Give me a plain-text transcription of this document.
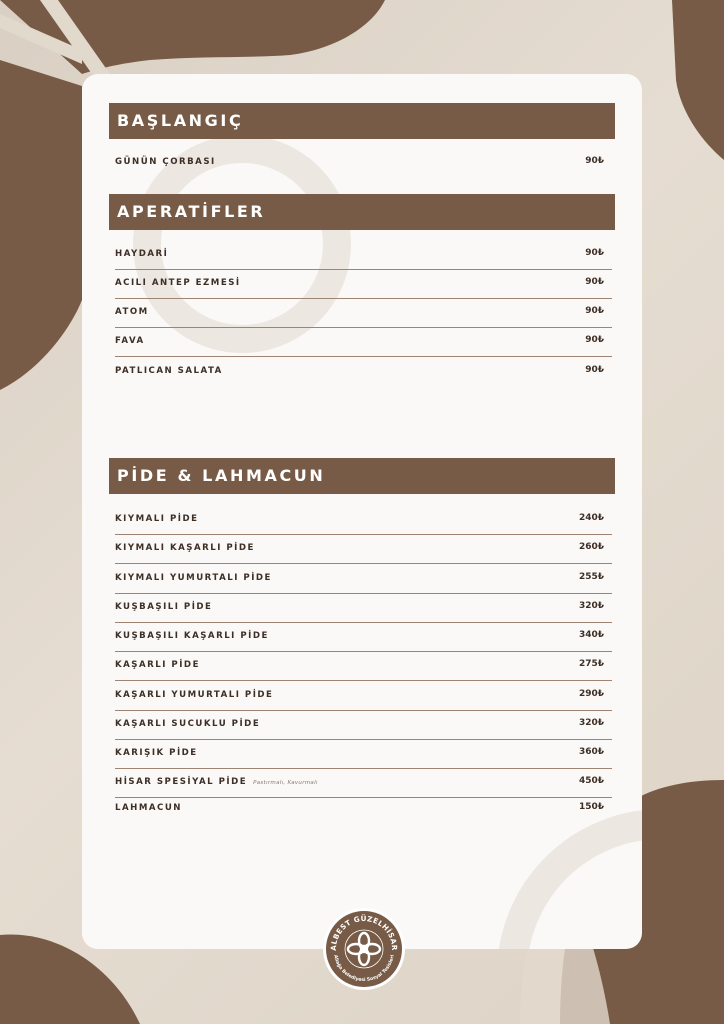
BAŞLANGIÇ
GÜNÜN ÇORBASI	90₺
APERATİFLER
HAYDARİ	90₺
ACILI ANTEP EZMESİ	90₺
ATOM	90₺
FAVA	90₺
PATLICAN SALATA	90₺
PİDE & LAHMACUN
KIYMALI PİDE	240₺
KIYMALI KAŞARLI PİDE	260₺
KIYMALI YUMURTALI PİDE	255₺
KUŞBAŞILI PİDE	320₺
KUŞBAŞILI KAŞARLI PİDE	340₺
KAŞARLI PİDE	275₺
KAŞARLI YUMURTALI PİDE	290₺
KAŞARLI SUCUKLU PİDE	320₺
KARIŞIK PİDE	360₺
HİSAR SPESİYAL PİDE Pastırmalı, Kavurmalı	450₺
LAHMACUN	150₺
ALBEST GÜZELHİSAR
Aliağa Belediyesi Sosyal Tesisleri
